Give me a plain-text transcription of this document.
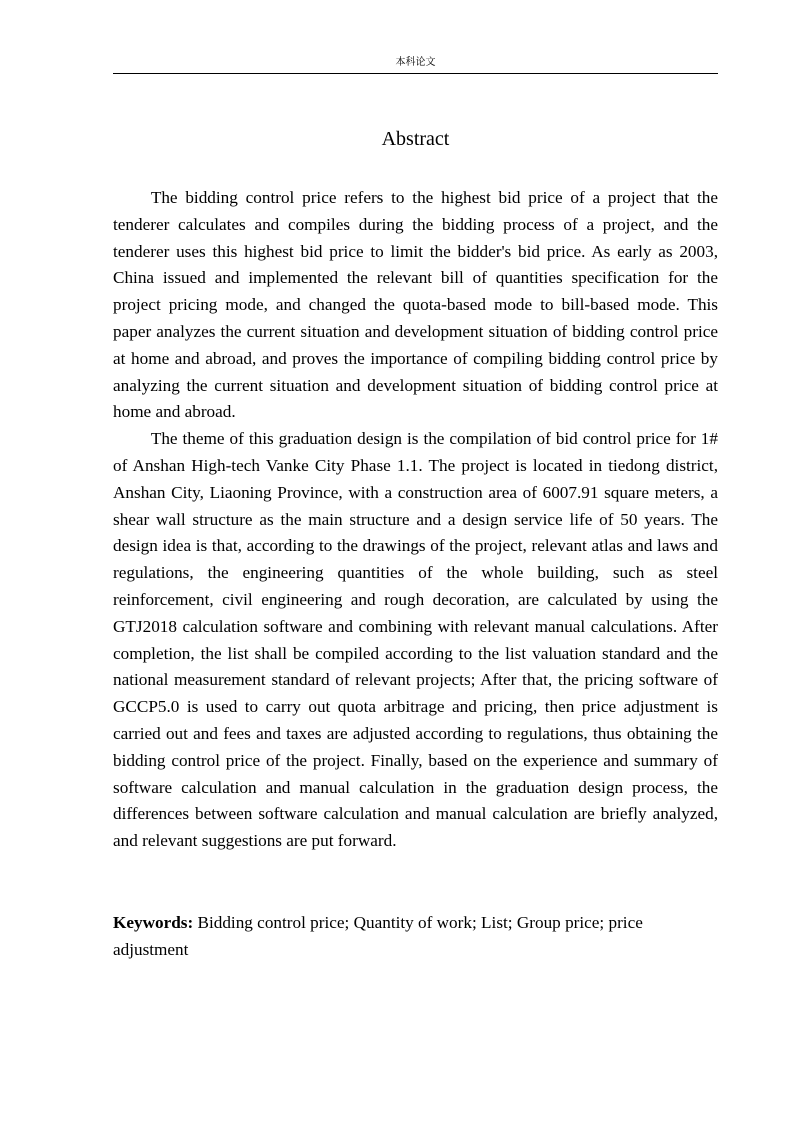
本科论文
Abstract

The bidding control price refers to the highest bid price of a project that the tenderer calculates and compiles during the bidding process of a project, and the tenderer uses this highest bid price to limit the bidder's bid price. As early as 2003, China issued and implemented the relevant bill of quantities specification for the project pricing mode, and changed the quota-based mode to bill-based mode. This paper analyzes the current situation and development situation of bidding control price at home and abroad, and proves the importance of compiling bidding control price by analyzing the current situation and development situation of bidding control price at home and abroad.

The theme of this graduation design is the compilation of bid control price for 1# of Anshan High-tech Vanke City Phase 1.1. The project is located in tiedong district, Anshan City, Liaoning Province, with a construction area of 6007.91 square meters, a shear wall structure as the main structure and a design service life of 50 years. The design idea is that, according to the drawings of the project, relevant atlas and laws and regulations, the engineering quantities of the whole building, such as steel reinforcement, civil engineering and rough decoration, are calculated by using the GTJ2018 calculation software and combining with relevant manual calculations. After completion, the list shall be compiled according to the list valuation standard and the national measurement standard of relevant projects; After that, the pricing software of GCCP5.0 is used to carry out quota arbitrage and pricing, then price adjustment is carried out and fees and taxes are adjusted according to regulations, thus obtaining the bidding control price of the project. Finally, based on the experience and summary of software calculation and manual calculation in the graduation design process, the differences between software calculation and manual calculation are briefly analyzed, and relevant suggestions are put forward.

Keywords: Bidding control price; Quantity of work; List; Group price; price adjustment
